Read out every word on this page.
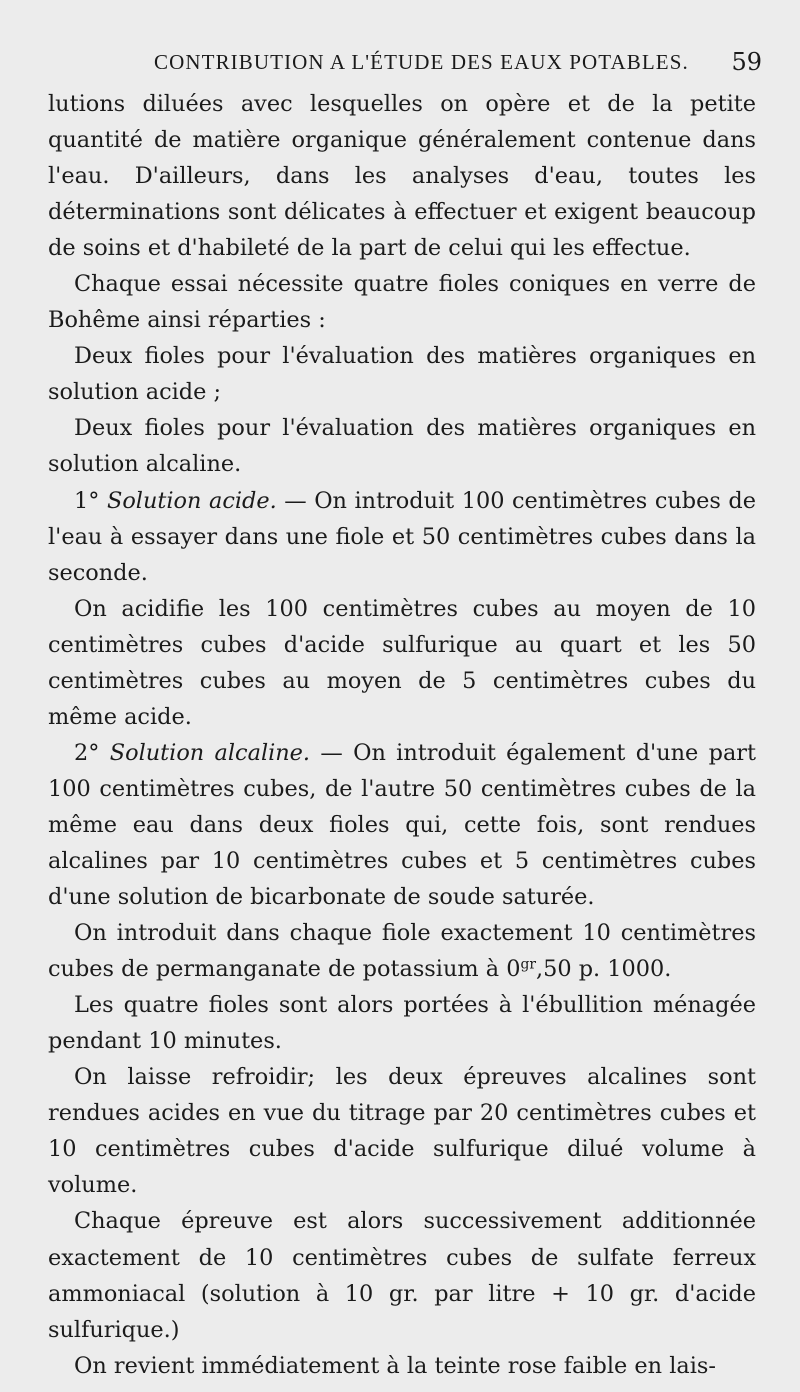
CONTRIBUTION A L'ÉTUDE DES EAUX POTABLES. 59

lutions diluées avec lesquelles on opère et de la petite quantité de matière organique généralement contenue dans l'eau. D'ailleurs, dans les analyses d'eau, toutes les déterminations sont délicates à effectuer et exigent beaucoup de soins et d'habileté de la part de celui qui les effectue.

Chaque essai nécessite quatre fioles coniques en verre de Bohême ainsi réparties :

Deux fioles pour l'évaluation des matières organiques en solution acide ;

Deux fioles pour l'évaluation des matières organiques en solution alcaline.

1° Solution acide. — On introduit 100 centimètres cubes de l'eau à essayer dans une fiole et 50 centimètres cubes dans la seconde.

On acidifie les 100 centimètres cubes au moyen de 10 centimètres cubes d'acide sulfurique au quart et les 50 centimètres cubes au moyen de 5 centimètres cubes du même acide.

2° Solution alcaline. — On introduit également d'une part 100 centimètres cubes, de l'autre 50 centimètres cubes de la même eau dans deux fioles qui, cette fois, sont rendues alcalines par 10 centimètres cubes et 5 centimètres cubes d'une solution de bicarbonate de soude saturée.

On introduit dans chaque fiole exactement 10 centimètres cubes de permanganate de potassium à $0^{gr},50$ p. 1000.

Les quatre fioles sont alors portées à l'ébullition ménagée pendant 10 minutes.

On laisse refroidir; les deux épreuves alcalines sont rendues acides en vue du titrage par 20 centimètres cubes et 10 centimètres cubes d'acide sulfurique dilué volume à volume.

Chaque épreuve est alors successivement additionnée exactement de 10 centimètres cubes de sulfate ferreux ammoniacal (solution à 10 gr. par litre + 10 gr. d'acide sulfurique.)

On revient immédiatement à la teinte rose faible en lais-
